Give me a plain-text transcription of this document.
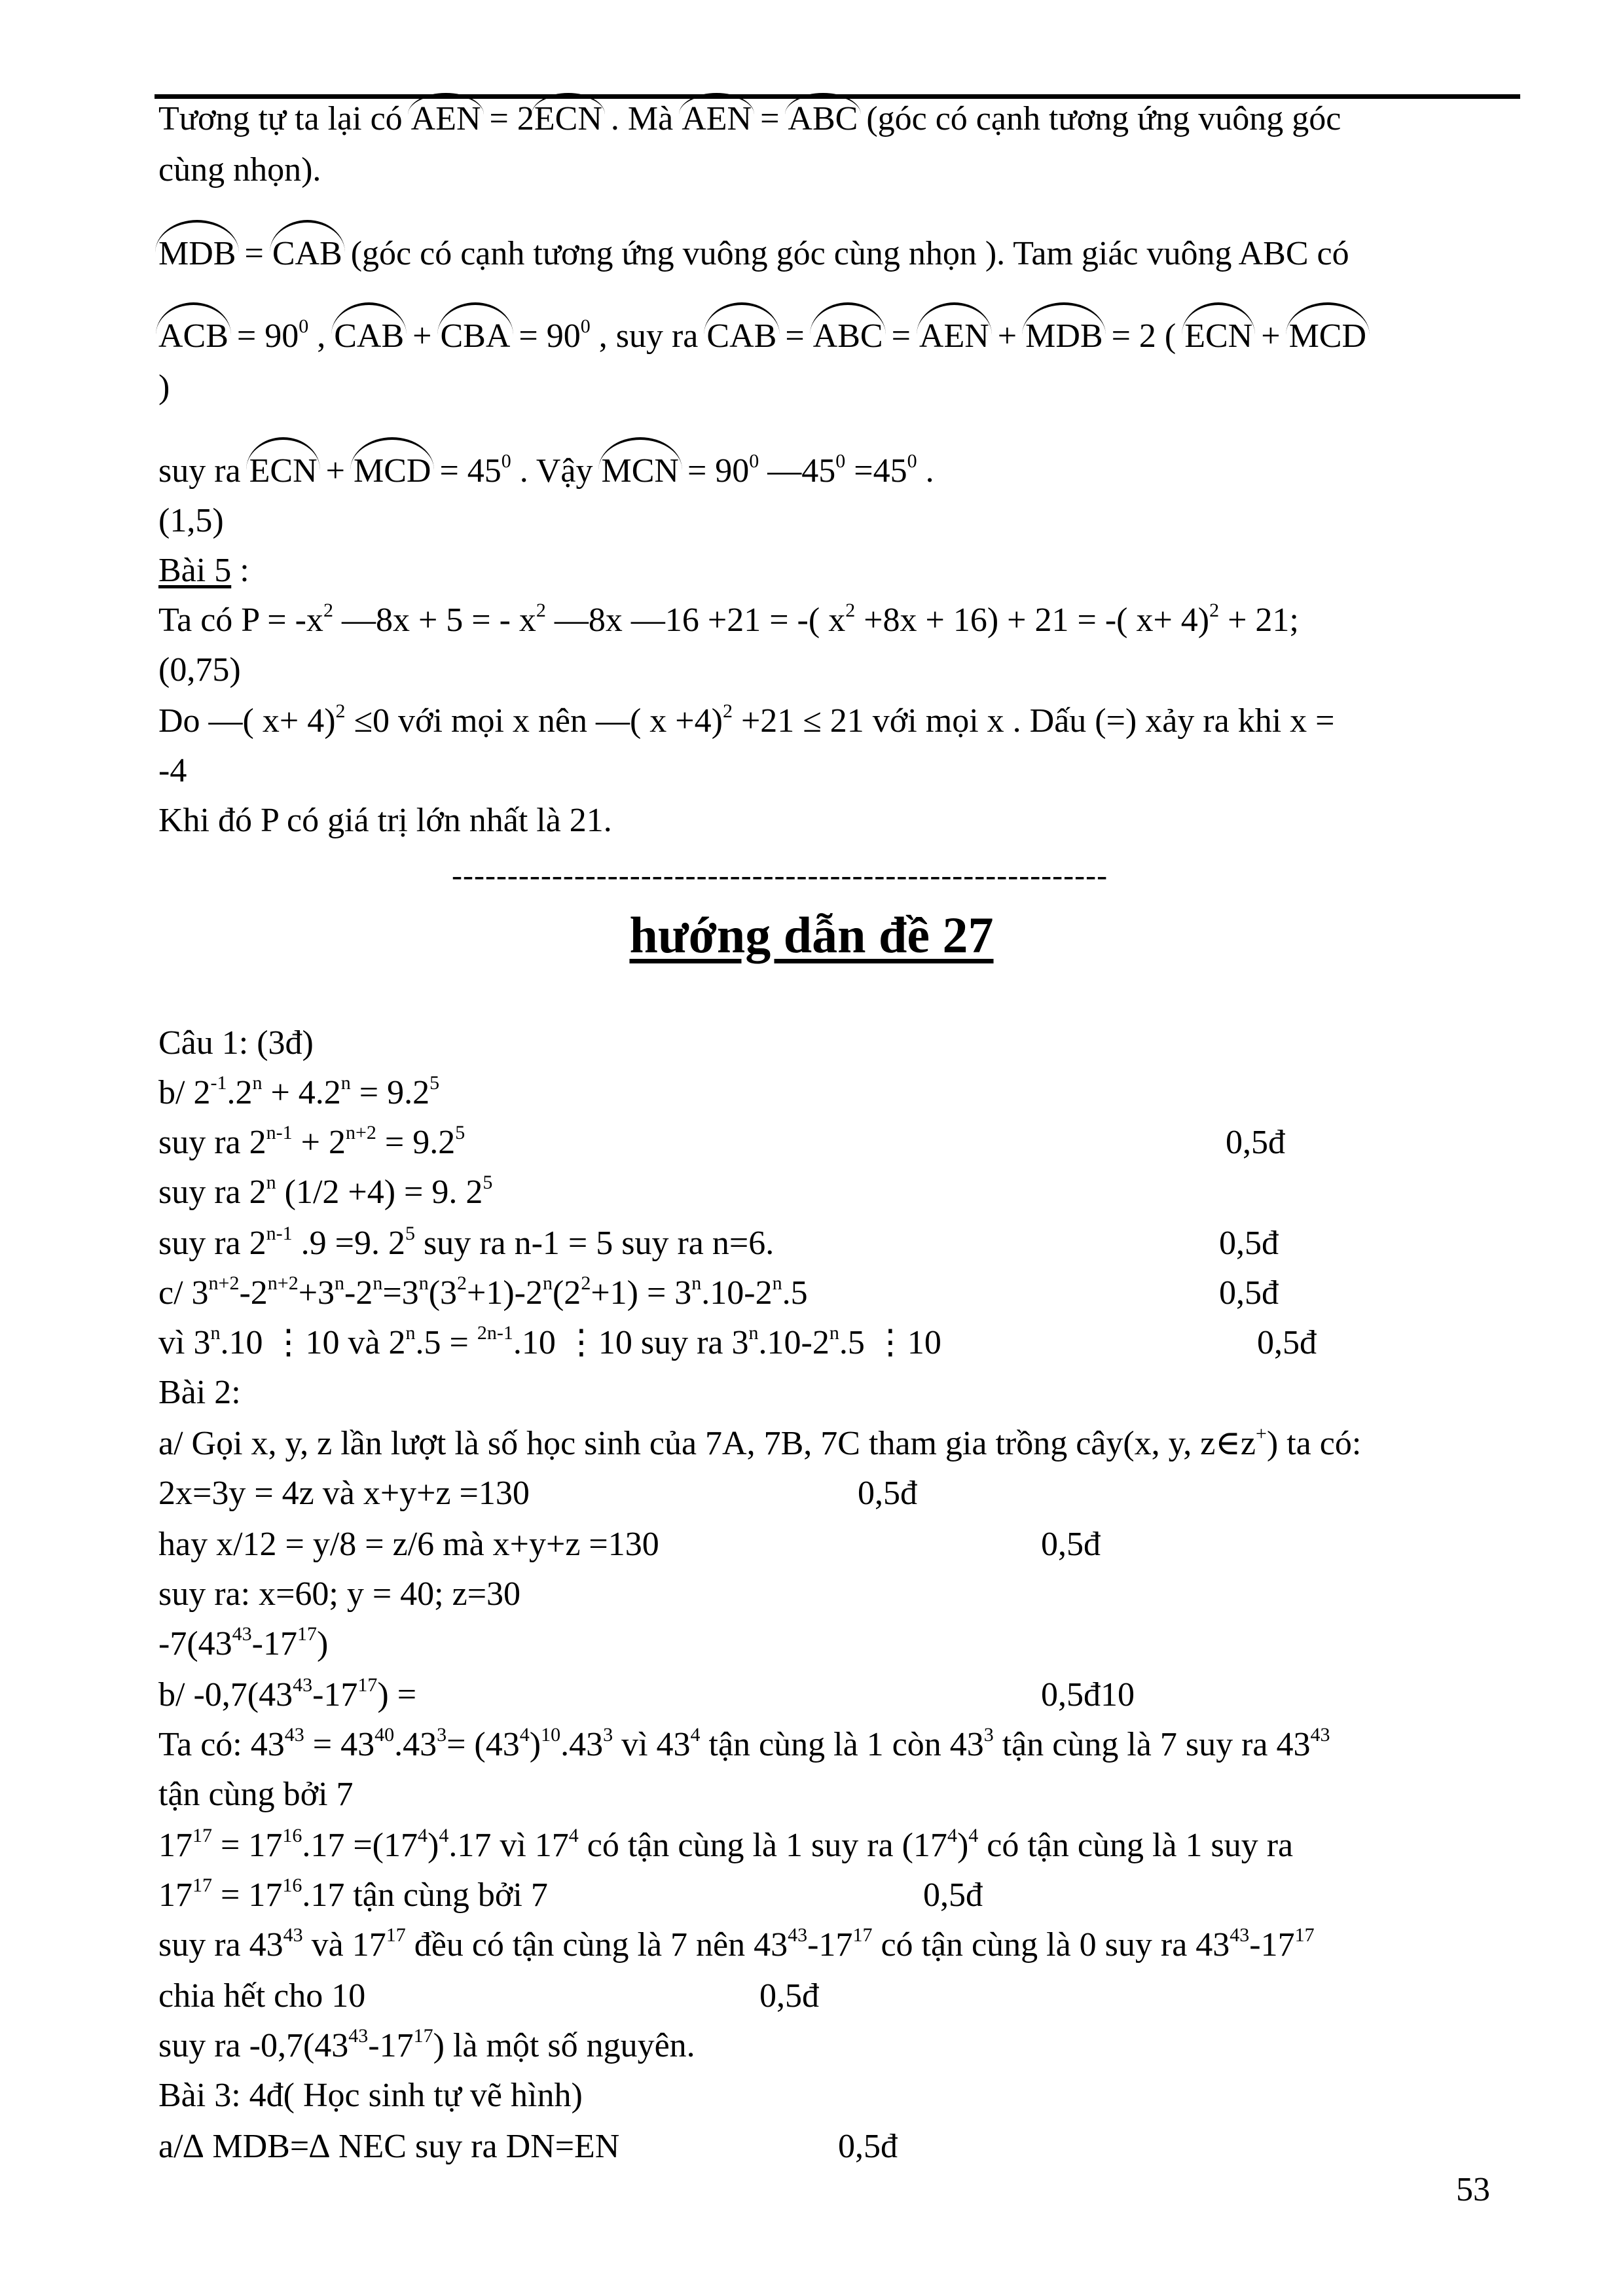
Tương tự ta lại có AEN = 2ECN . Mà AEN = ABC (góc có cạnh tương ứng vuông góc

cùng nhọn).

MDB = CAB (góc có cạnh tương ứng vuông góc cùng nhọn ). Tam giác vuông ABC có

ACB = $90^0$ , CAB + CBA = $90^0$ , suy ra CAB = ABC = AEN + MDB = 2 ( ECN + MCD

)

suy ra ECN + MCD = $45^0$ . Vậy MCN = $90^0$ $—45^0 =45^0$ .

(1,5)

Bài 5 :

Ta có $P = -x^2$ —8x + 5 = - $x^2$ —8x —16 +21 = -( $x^2 +8x + 16) + 21$ = -( x+ 4)$^2$ + 21;

(0,75)

Do —( x+ 4)$^2$ ≤0 với mọi x nên —( x +4)$^2$ +21 ≤ 21 với mọi x . Dấu (=) xảy ra khi x =

-4

Khi đó P có giá trị lớn nhất là 21.

-----------------------------------------------------------
hướng dẫn đề 27

Câu 1: (3đ)

b/ $2^{-1}.2^n + 4.2^n = 9.2^5$

suy ra $2^{n-1} + 2^{n+2} = 9.2^5$	0,5đ

suy ra 2$^n$ (1/2 +4) = 9. $2^5$

suy ra 2$^{n-1}$ .9 =9. $2^5$ suy ra n-1 = 5 suy ra n=6.	0,5đ

c/ $3^{n+2}-2^{n+2}+3^n-2^n=3^n(3^2+1)-2^n(2^2+1) = 3^n.10-2^n.5$	0,5đ

vì 3$^n$.10 ⋮10 và $2^n.5 = ^{2n-1}.10$ ⋮10 suy ra 3$^n$.10-2$^n$.5 ⋮10	0,5đ

Bài 2:

a/ Gọi x, y, z lần lượt là số học sinh của 7A, 7B, 7C tham gia trồng cây(x, y, z∈z+) ta có:

2x=3y = 4z và x+y+z =130	0,5đ

hay x/12 = y/8 = z/6 mà x+y+z =130	0,5đ

suy ra: x=60; y = 40; z=30

$-7(43^{43}-17^{17})$

b/ $-0,7(43^{43}-17^{17})$ =	0,5đ10

Ta có: $43^{43} = 43^{40}.43^3= (43^4)^{10}.43^3$ vì $43^4$ tận cùng là 1 còn $43^3$ tận cùng là 7 suy ra $43^{43}$

tận cùng bởi 7

$17^{17} = 17^{16}.17 =(17^4)^4.17$ vì $17^4$ có tận cùng là 1 suy ra $(17^4)^4$ có tận cùng là 1 suy ra

$17^{17} = 17^{16}.17$ tận cùng bởi 7	0,5đ

suy ra $43^{43}$ và $17^{17}$ đều có tận cùng là 7 nên $43^{43}-17^{17}$ có tận cùng là 0 suy ra $43^{43}-17^{17}$

chia hết cho 10	0,5đ

suy ra $-0,7(43^{43}-17^{17})$ là một số nguyên.

Bài 3: 4đ( Học sinh tự vẽ hình)

a/∆ MDB=∆ NEC suy ra DN=EN	0,5đ
53
